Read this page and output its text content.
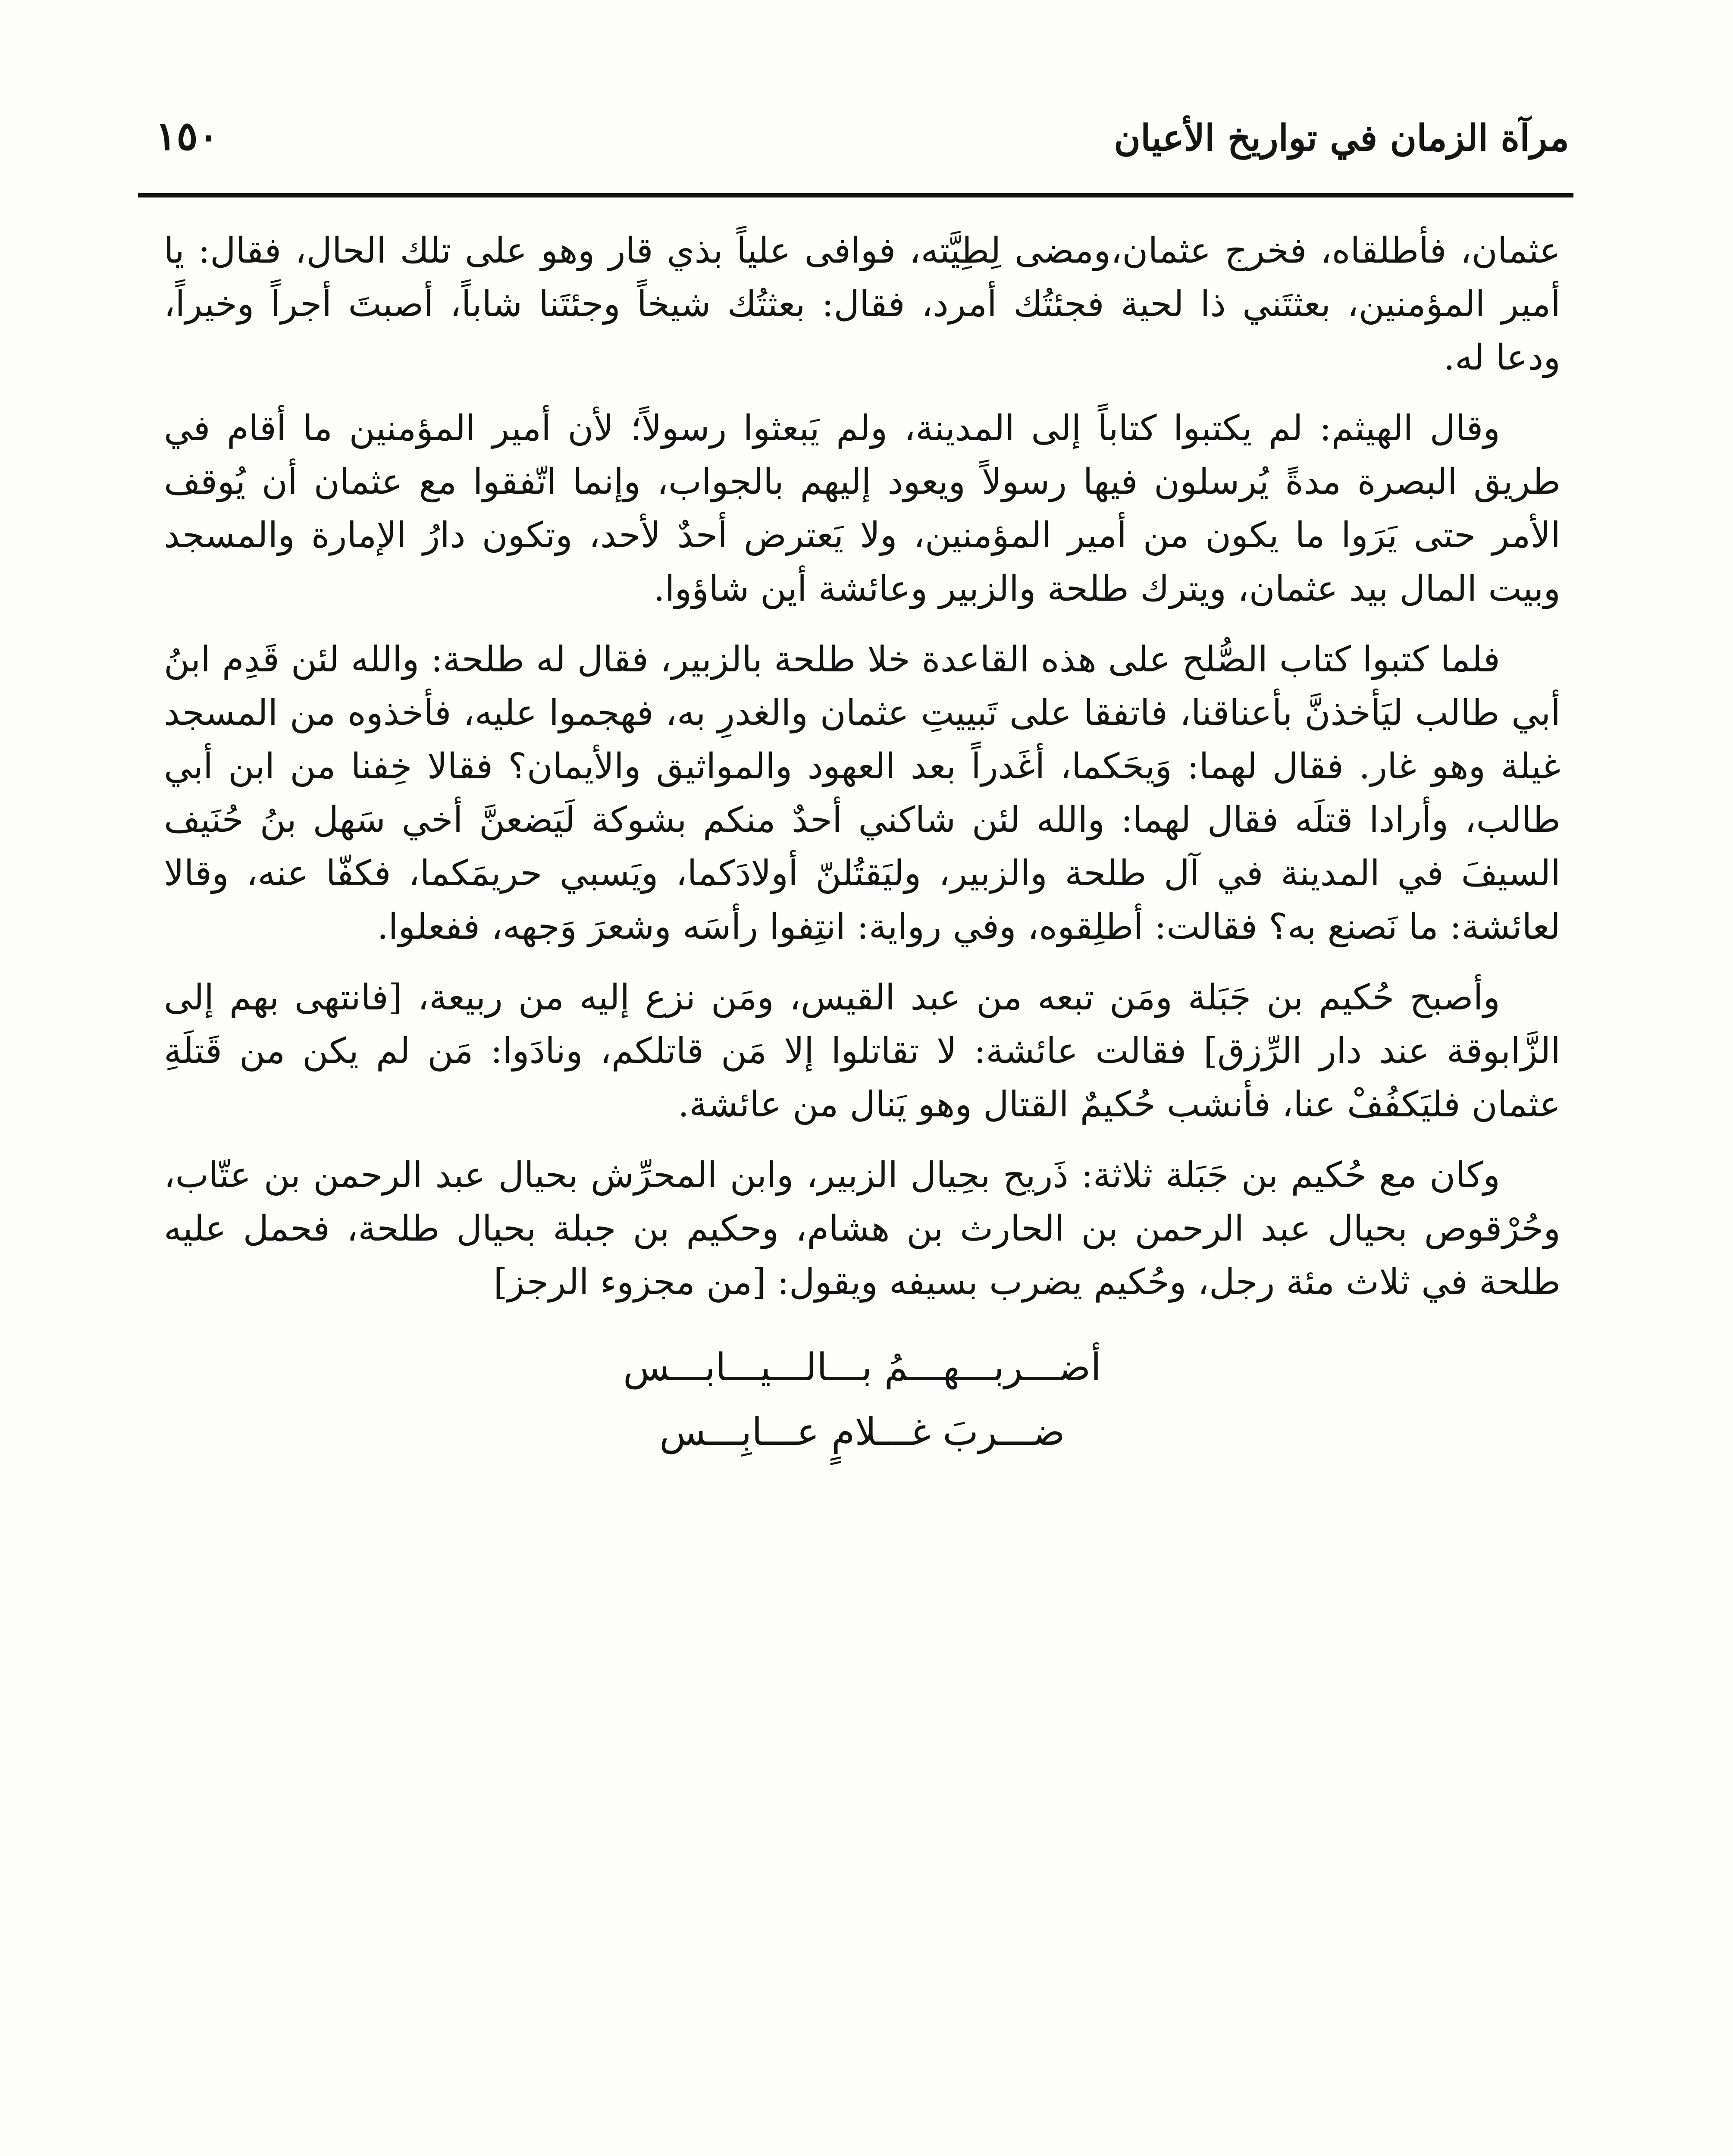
مرآة الزمان في تواريخ الأعيان
١٥٠

عثمان، فأطلقاه، فخرج عثمان،ومضى لِطِيَّته، فوافى علياً بذي قار وهو على تلك الحال، فقال: يا أمير المؤمنين، بعثتَني ذا لحية فجئتُك أمرد، فقال: بعثتُك شيخاً وجئتَنا شاباً، أصبتَ أجراً وخيراً، ودعا له.

وقال الهيثم: لم يكتبوا كتاباً إلى المدينة، ولم يَبعثوا رسولاً؛ لأن أمير المؤمنين ما أقام في طريق البصرة مدةً يُرسلون فيها رسولاً ويعود إليهم بالجواب، وإنما اتّفقوا مع عثمان أن يُوقف الأمر حتى يَرَوا ما يكون من أمير المؤمنين، ولا يَعترض أحدٌ لأحد، وتكون دارُ الإمارة والمسجد وبيت المال بيد عثمان، ويترك طلحة والزبير وعائشة أين شاؤوا.

فلما كتبوا كتاب الصُّلح على هذه القاعدة خلا طلحة بالزبير، فقال له طلحة: والله لئن قَدِم ابنُ أبي طالب ليَأخذنَّ بأعناقنا، فاتفقا على تَبييتِ عثمان والغدرِ به، فهجموا عليه، فأخذوه من المسجد غيلة وهو غار. فقال لهما: وَيحَكما، أغَدراً بعد العهود والمواثيق والأيمان؟ فقالا خِفنا من ابن أبي طالب، وأرادا قتلَه فقال لهما: والله لئن شاكني أحدٌ منكم بشوكة لَيَضعنَّ أخي سَهل بنُ حُنَيف السيفَ في المدينة في آل طلحة والزبير، وليَقتُلنّ أولادَكما، ويَسبي حريمَكما، فكفّا عنه، وقالا لعائشة: ما نَصنع به؟ فقالت: أطلِقوه، وفي رواية: انتِفوا رأسَه وشعرَ وَجهه، ففعلوا.

وأصبح حُكيم بن جَبَلة ومَن تبعه من عبد القيس، ومَن نزع إليه من ربيعة، [فانتهى بهم إلى الزَّابوقة عند دار الرِّزق] فقالت عائشة: لا تقاتلوا إلا مَن قاتلكم، ونادَوا: مَن لم يكن من قَتلَةِ عثمان فليَكفُفْ عنا، فأنشب حُكيمٌ القتال وهو يَنال من عائشة.

وكان مع حُكيم بن جَبَلة ثلاثة: ذَريح بحِيال الزبير، وابن المحرِّش بحيال عبد الرحمن بن عتّاب، وحُرْقوص بحيال عبد الرحمن بن الحارث بن هشام، وحكيم بن جبلة بحيال طلحة، فحمل عليه طلحة في ثلاث مئة رجل، وحُكيم يضرب بسيفه ويقول: [من مجزوء الرجز]

أضـــربـــهـــمُ بـــالـــيـــابـــس

ضـــربَ غـــلامٍ عـــابِـــس
